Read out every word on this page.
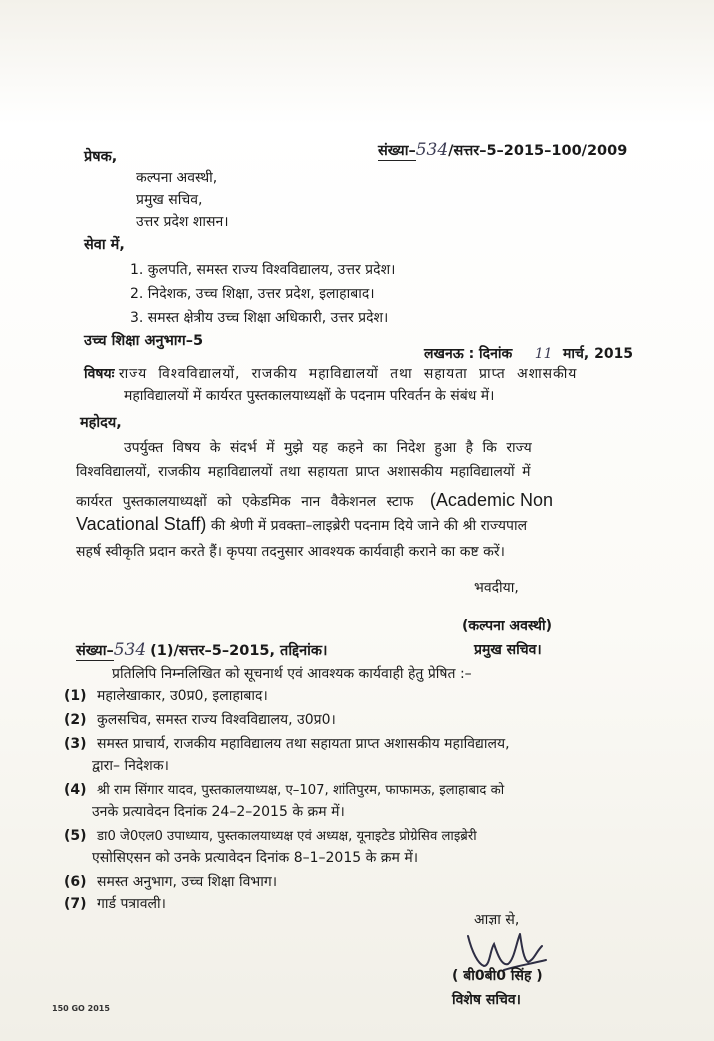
संख्या–534/सत्तर–5–2015–100/2009
प्रेषक,
कल्पना अवस्थी,
प्रमुख सचिव,
उत्तर प्रदेश शासन।
सेवा में,
1. कुलपति, समस्त राज्य विश्वविद्यालय, उत्तर प्रदेश।
2. निदेशक, उच्च शिक्षा, उत्तर प्रदेश, इलाहाबाद।
3. समस्त क्षेत्रीय उच्च शिक्षा अधिकारी, उत्तर प्रदेश।
उच्च शिक्षा अनुभाग–5
लखनऊ : दिनांक 11 मार्च, 2015
विषयः राज्य विश्वविद्यालयों, राजकीय महाविद्यालयों तथा सहायता प्राप्त अशासकीय
महाविद्यालयों में कार्यरत पुस्तकालयाध्यक्षों के पदनाम परिवर्तन के संबंध में।
महोदय,
उपर्युक्त विषय के संदर्भ में मुझे यह कहने का निदेश हुआ है कि राज्य
विश्वविद्यालयों, राजकीय महाविद्यालयों तथा सहायता प्राप्त अशासकीय महाविद्यालयों में
कार्यरत पुस्तकालयाध्यक्षों को एकेडमिक नान वैकेशनल स्टाफ (Academic Non
Vacational Staff) की श्रेणी में प्रवक्ता–लाइब्रेरी पदनाम दिये जाने की श्री राज्यपाल
सहर्ष स्वीकृति प्रदान करते हैं। कृपया तदनुसार आवश्यक कार्यवाही कराने का कष्ट करें।
भवदीया,
(कल्पना अवस्थी)
प्रमुख सचिव।
संख्या–534 (1)/सत्तर–5–2015, तद्दिनांक।
प्रतिलिपि निम्नलिखित को सूचनार्थ एवं आवश्यक कार्यवाही हेतु प्रेषित :–
(1) महालेखाकार, उ0प्र0, इलाहाबाद।
(2) कुलसचिव, समस्त राज्य विश्वविद्यालय, उ0प्र0।
(3) समस्त प्राचार्य, राजकीय महाविद्यालय तथा सहायता प्राप्त अशासकीय महाविद्यालय,
द्वारा– निदेशक।
(4) श्री राम सिंगार यादव, पुस्तकालयाध्यक्ष, ए–107, शांतिपुरम, फाफामऊ, इलाहाबाद को
उनके प्रत्यावेदन दिनांक 24–2–2015 के क्रम में।
(5) डा0 जे0एल0 उपाध्याय, पुस्तकालयाध्यक्ष एवं अध्यक्ष, यूनाइटेड प्रोग्रेसिव लाइब्रेरी
एसोसिएसन को उनके प्रत्यावेदन दिनांक 8–1–2015 के क्रम में।
(6) समस्त अनुभाग, उच्च शिक्षा विभाग।
(7) गार्ड पत्रावली।
आज्ञा से,
( बी0बी0 सिंह )
विशेष सचिव।
150 GO 2015
